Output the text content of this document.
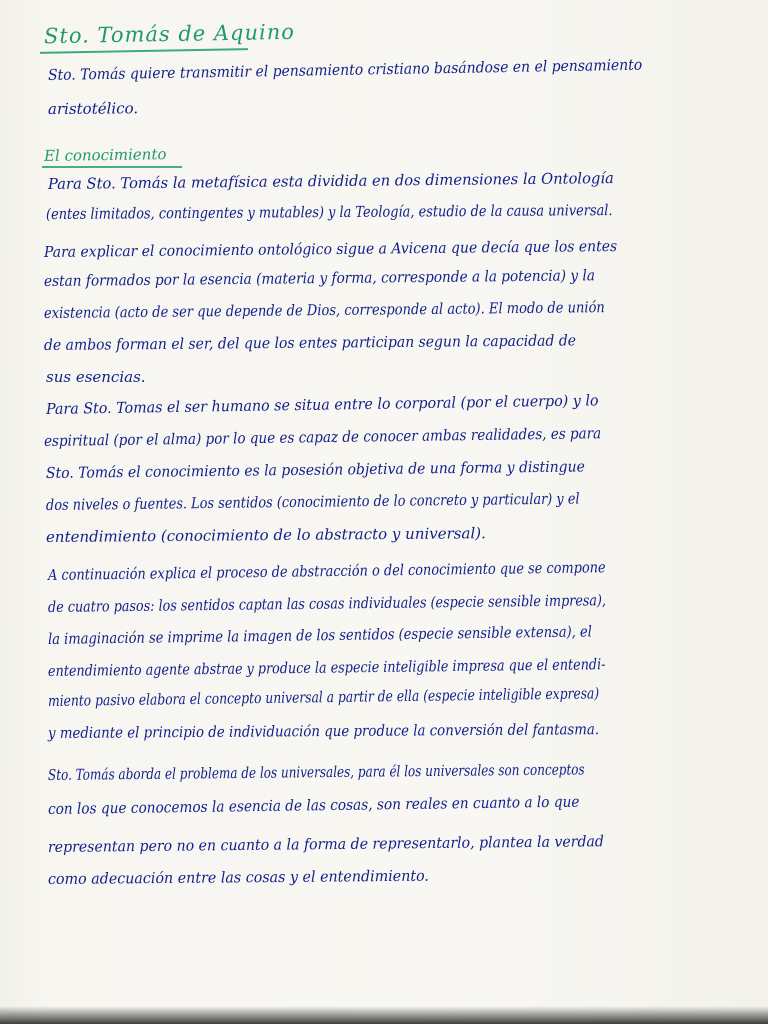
Sto. Tomás de Aquino
Sto. Tomás quiere transmitir el pensamiento cristiano basándose en el pensamiento
aristotélico.
El conocimiento
Para Sto. Tomás la metafísica esta dividida en dos dimensiones la Ontología
(entes limitados, contingentes y mutables) y la Teología, estudio de la causa universal.
Para explicar el conocimiento ontológico sigue a Avicena que decía que los entes
estan formados por la esencia (materia y forma, corresponde a la potencia) y la
existencia (acto de ser que depende de Dios, corresponde al acto). El modo de unión
de ambos forman el ser, del que los entes participan segun la capacidad de
sus esencias.
Para Sto. Tomas el ser humano se situa entre lo corporal (por el cuerpo) y lo
espiritual (por el alma) por lo que es capaz de conocer ambas realidades, es para
Sto. Tomás el conocimiento es la posesión objetiva de una forma y distingue
dos niveles o fuentes. Los sentidos (conocimiento de lo concreto y particular) y el
entendimiento (conocimiento de lo abstracto y universal).
A continuación explica el proceso de abstracción o del conocimiento que se compone
de cuatro pasos: los sentidos captan las cosas individuales (especie sensible impresa),
la imaginación se imprime la imagen de los sentidos (especie sensible extensa), el
entendimiento agente abstrae y produce la especie inteligible impresa que el entendi-
miento pasivo elabora el concepto universal a partir de ella (especie inteligible expresa)
y mediante el principio de individuación que produce la conversión del fantasma.
Sto. Tomás aborda el problema de los universales, para él los universales son conceptos
con los que conocemos la esencia de las cosas, son reales en cuanto a lo que
representan pero no en cuanto a la forma de representarlo, plantea la verdad
como adecuación entre las cosas y el entendimiento.
